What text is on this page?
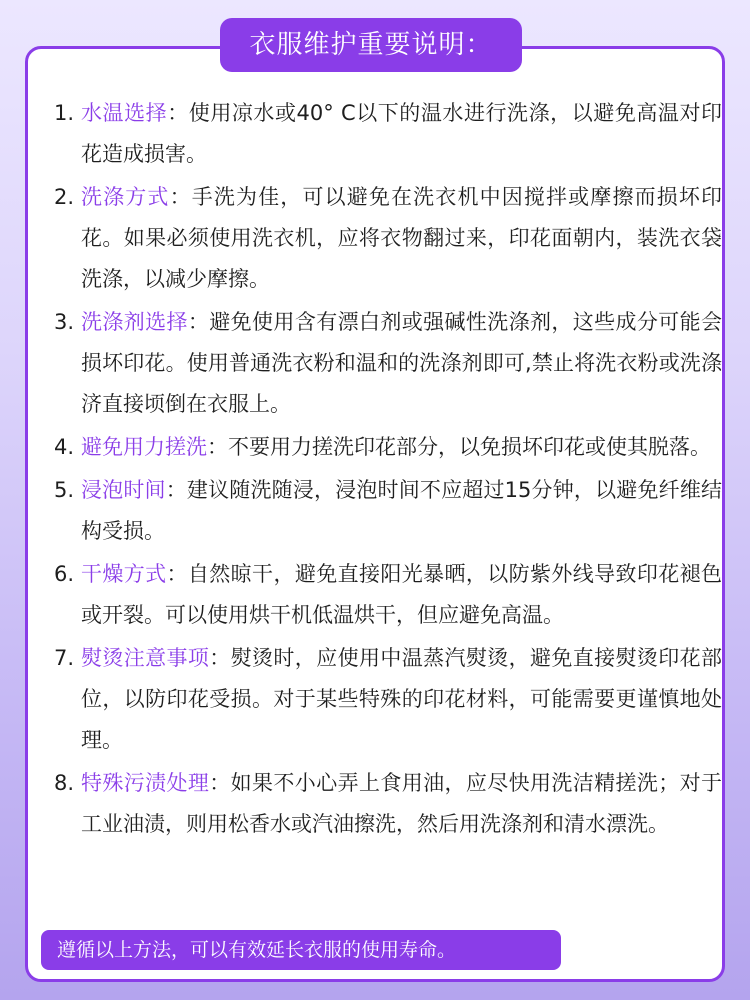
衣服维护重要说明：
1. 水温选择：使用凉水或40° C以下的温水进行洗涤，以避免高温对印花造成损害。
2. 洗涤方式：手洗为佳，可以避免在洗衣机中因搅拌或摩擦而损坏印花。如果必须使用洗衣机，应将衣物翻过来，印花面朝内，装洗衣袋洗涤，以减少摩擦。
3. 洗涤剂选择：避免使用含有漂白剂或强碱性洗涤剂，这些成分可能会损坏印花。使用普通洗衣粉和温和的洗涤剂即可,禁止将洗衣粉或洗涤济直接顷倒在衣服上。
4. 避免用力搓洗：不要用力搓洗印花部分，以免损坏印花或使其脱落。
5. 浸泡时间：建议随洗随浸，浸泡时间不应超过15分钟，以避免纤维结构受损。
6. 干燥方式：自然晾干，避免直接阳光暴晒，以防紫外线导致印花褪色或开裂。可以使用烘干机低温烘干，但应避免高温。
7. 熨烫注意事项：熨烫时，应使用中温蒸汽熨烫，避免直接熨烫印花部位，以防印花受损。对于某些特殊的印花材料，可能需要更谨慎地处理。
8. 特殊污渍处理：如果不小心弄上食用油，应尽快用洗洁精搓洗；对于工业油渍，则用松香水或汽油擦洗，然后用洗涤剂和清水漂洗。
遵循以上方法，可以有效延长衣服的使用寿命。
